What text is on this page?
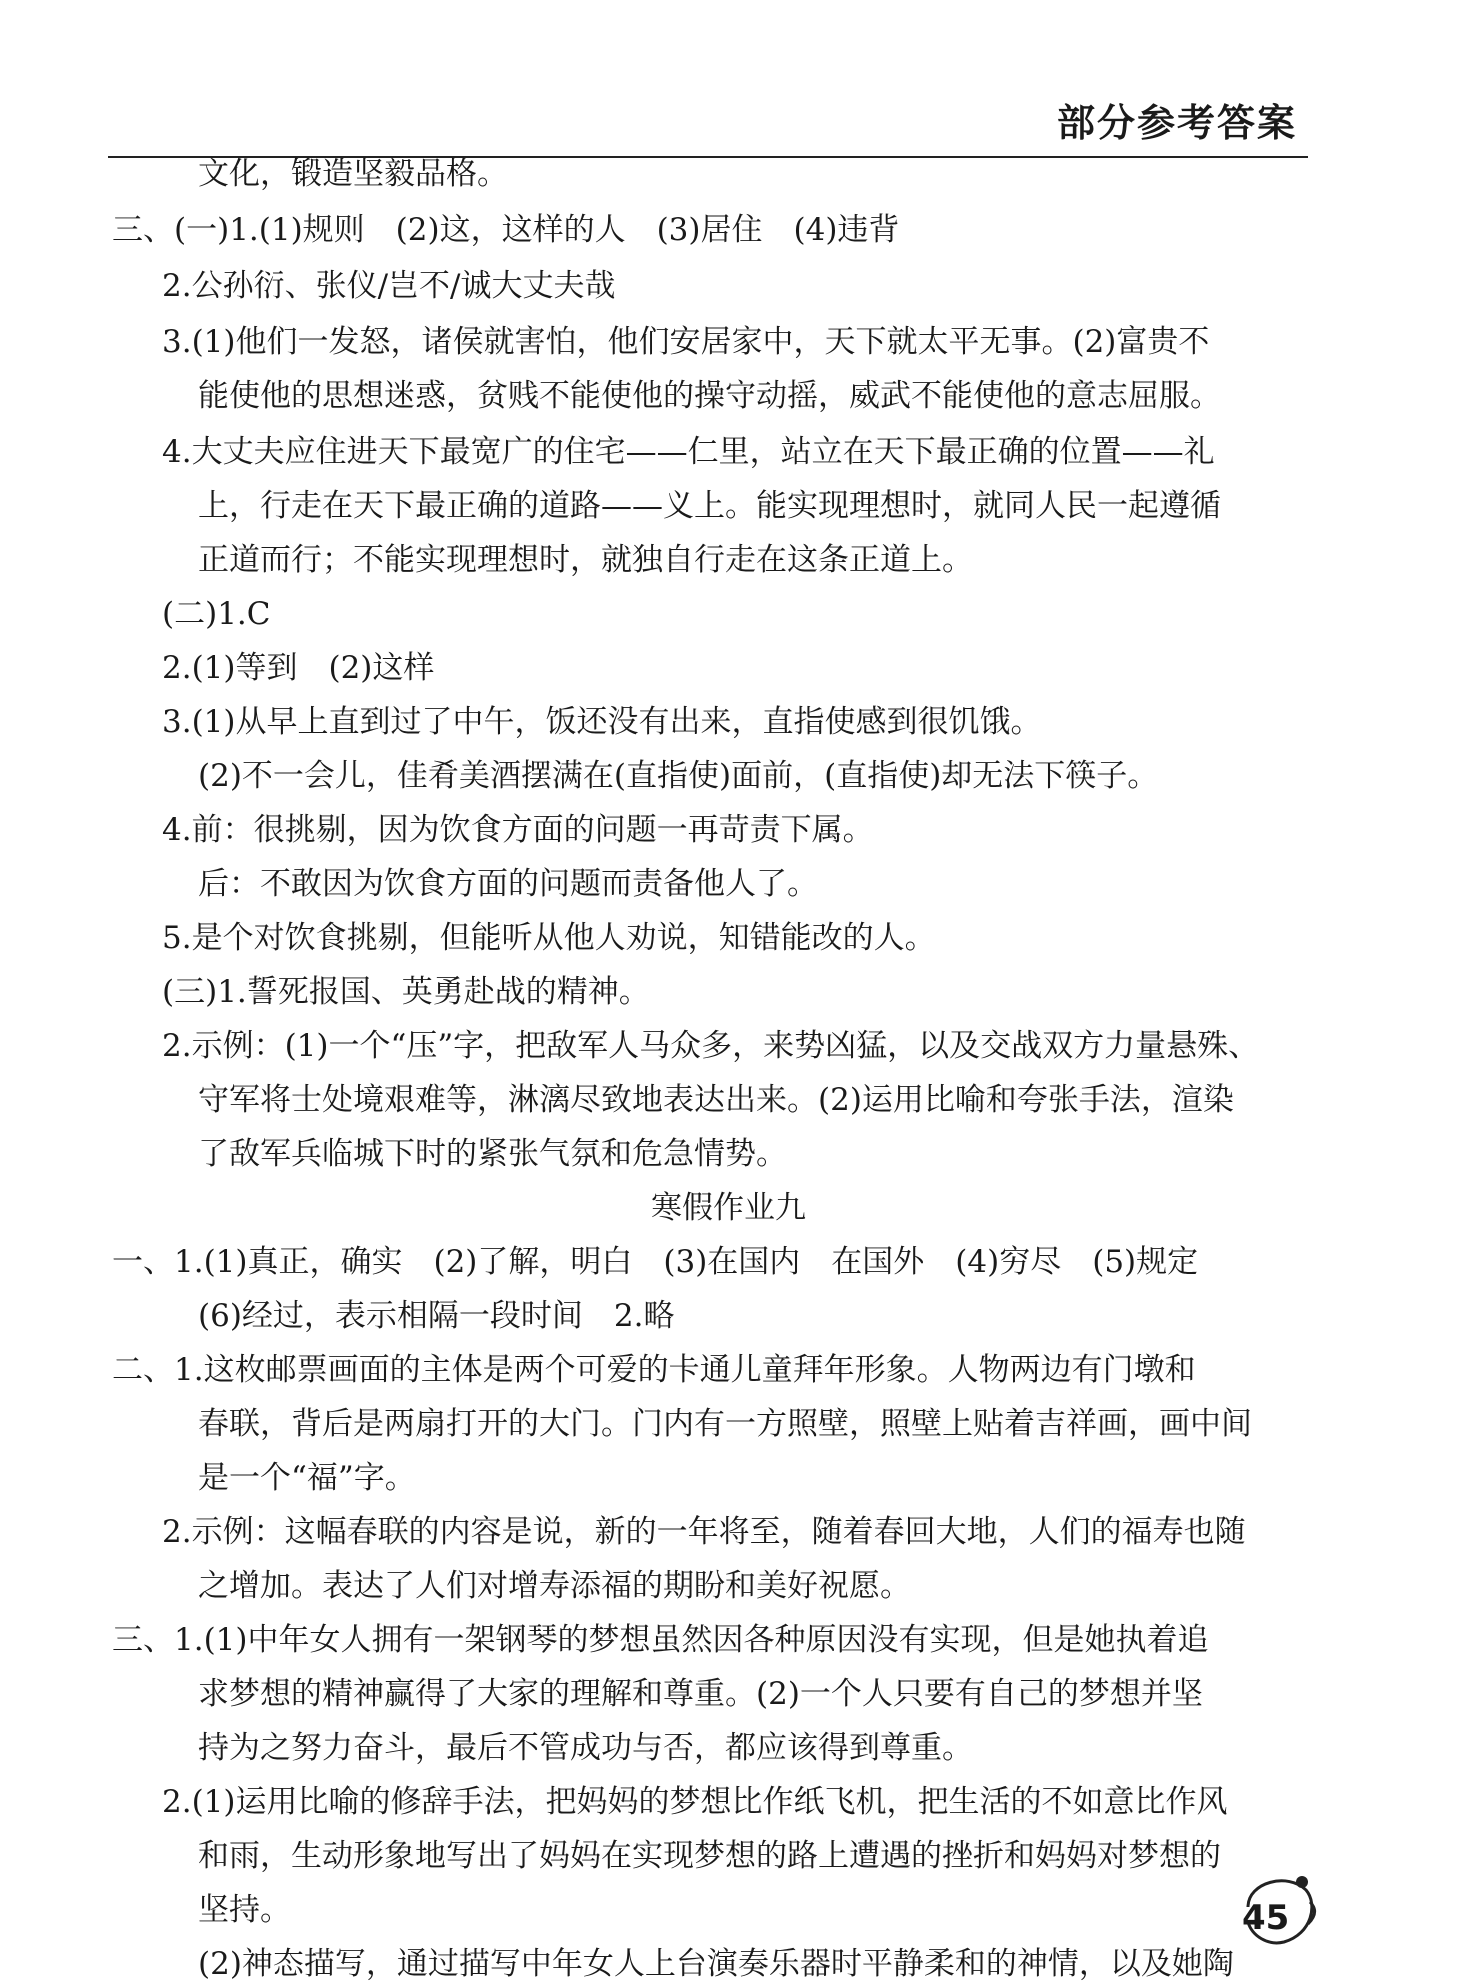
部分参考答案
文化，锻造坚毅品格。
三、(一)1.(1)规则　(2)这，这样的人　(3)居住　(4)违背
2.公孙衍、张仪/岂不/诚大丈夫哉
3.(1)他们一发怒，诸侯就害怕，他们安居家中，天下就太平无事。(2)富贵不
能使他的思想迷惑，贫贱不能使他的操守动摇，威武不能使他的意志屈服。
4.大丈夫应住进天下最宽广的住宅——仁里，站立在天下最正确的位置——礼
上，行走在天下最正确的道路——义上。能实现理想时，就同人民一起遵循
正道而行；不能实现理想时，就独自行走在这条正道上。
(二)1.C
2.(1)等到　(2)这样
3.(1)从早上直到过了中午，饭还没有出来，直指使感到很饥饿。
(2)不一会儿，佳肴美酒摆满在(直指使)面前，(直指使)却无法下筷子。
4.前：很挑剔，因为饮食方面的问题一再苛责下属。
后：不敢因为饮食方面的问题而责备他人了。
5.是个对饮食挑剔，但能听从他人劝说，知错能改的人。
(三)1.誓死报国、英勇赴战的精神。
2.示例：(1)一个“压”字，把敌军人马众多，来势凶猛，以及交战双方力量悬殊、
守军将士处境艰难等，淋漓尽致地表达出来。(2)运用比喻和夸张手法，渲染
了敌军兵临城下时的紧张气氛和危急情势。
寒假作业九
一、1.(1)真正，确实　(2)了解，明白　(3)在国内　在国外　(4)穷尽　(5)规定
(6)经过，表示相隔一段时间　2.略
二、1.这枚邮票画面的主体是两个可爱的卡通儿童拜年形象。人物两边有门墩和
春联，背后是两扇打开的大门。门内有一方照壁，照壁上贴着吉祥画，画中间
是一个“福”字。
2.示例：这幅春联的内容是说，新的一年将至，随着春回大地，人们的福寿也随
之增加。表达了人们对增寿添福的期盼和美好祝愿。
三、1.(1)中年女人拥有一架钢琴的梦想虽然因各种原因没有实现，但是她执着追
求梦想的精神赢得了大家的理解和尊重。(2)一个人只要有自己的梦想并坚
持为之努力奋斗，最后不管成功与否，都应该得到尊重。
2.(1)运用比喻的修辞手法，把妈妈的梦想比作纸飞机，把生活的不如意比作风
和雨，生动形象地写出了妈妈在实现梦想的路上遭遇的挫折和妈妈对梦想的
坚持。
(2)神态描写，通过描写中年女人上台演奏乐器时平静柔和的神情，以及她陶
45
